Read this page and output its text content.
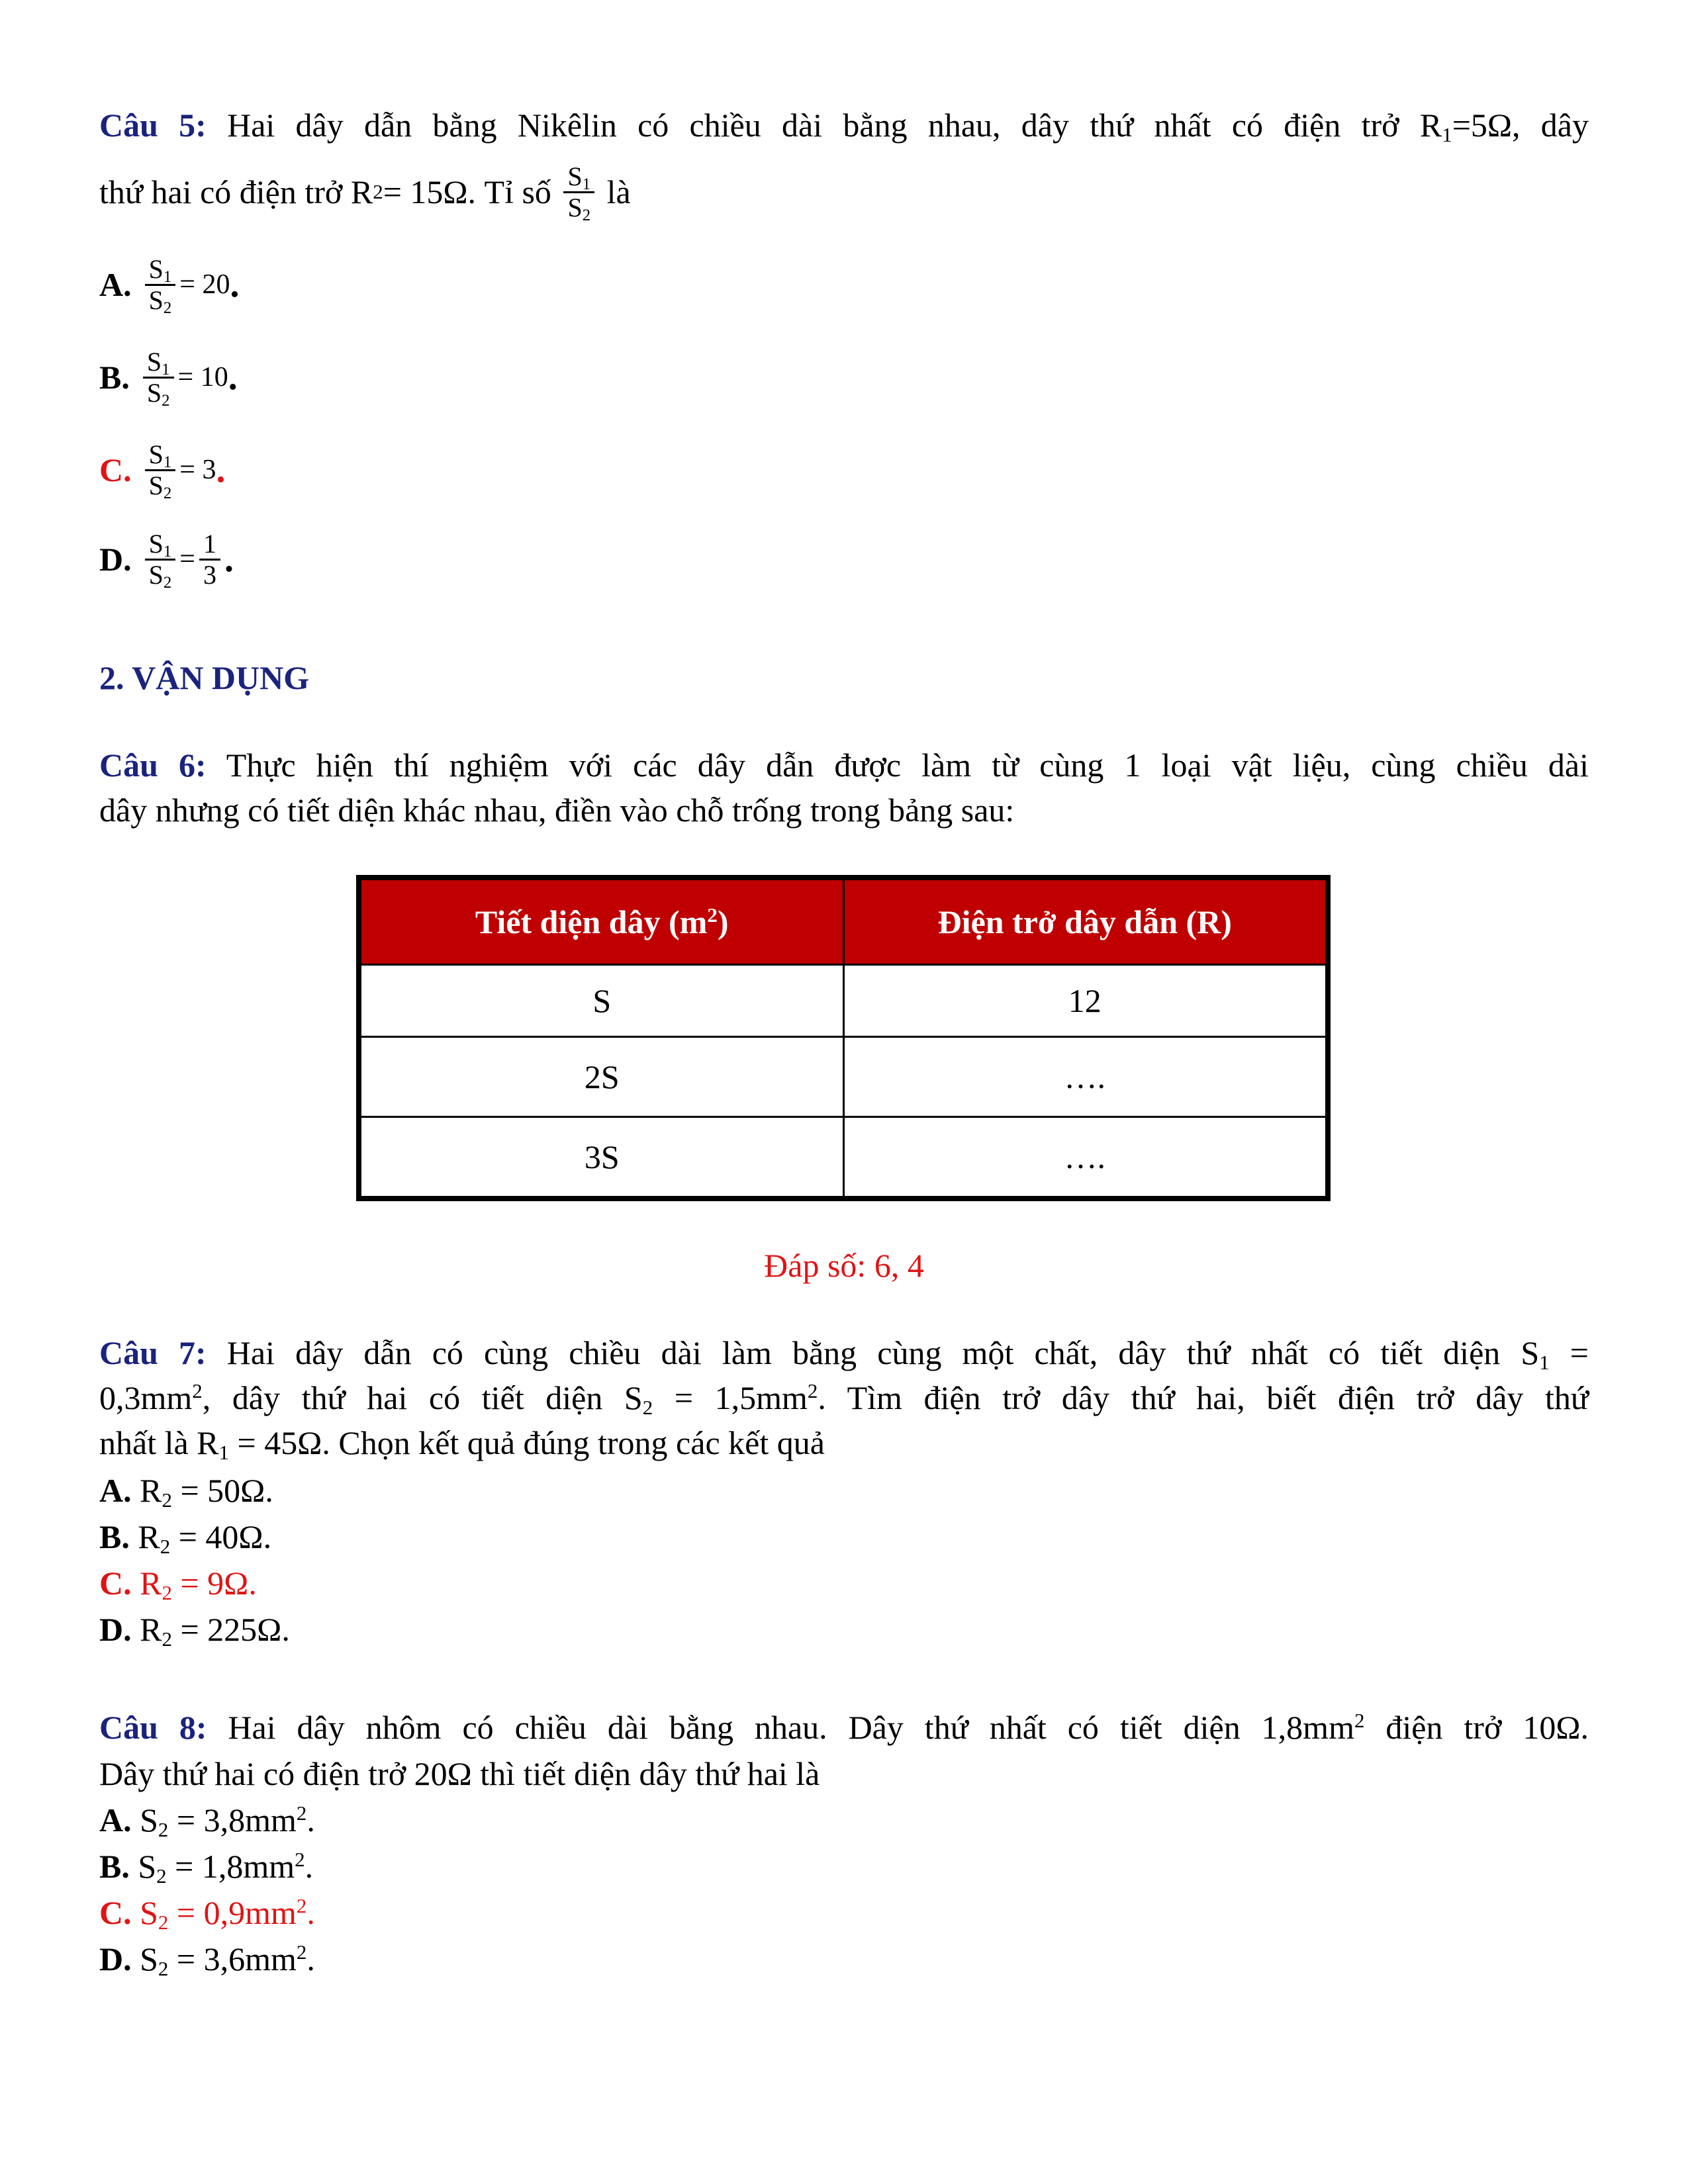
Câu 5: Hai dây dẫn bằng Nikêlin có chiều dài bằng nhau, dây thứ nhất có điện trở $R_1=5\Omega$, dây
thứ hai có điện trở R 2 = 15Ω. Tỉ số $\frac{S_1}{S_2}$ là
A. $\frac{S_1}{S_2} = 20$ .
B. $\frac{S_1}{S_2} = 10$ .
C. $\frac{S_1}{S_2} = 3$ .
D. $\frac{S_1}{S_2} = \frac{1}{3}$ .
2. VẬN DỤNG
Câu 6: Thực hiện thí nghiệm với các dây dẫn được làm từ cùng 1 loại vật liệu, cùng chiều dài
dây nhưng có tiết diện khác nhau, điền vào chỗ trống trong bảng sau:
Tiết diện dây $(m^2)$	Điện trở dây dẫn (R)
S	12
2S	….
3S	….
Đáp số: 6, 4
Câu 7: Hai dây dẫn có cùng chiều dài làm bằng cùng một chất, dây thứ nhất có tiết diện $S_1$ =
$0,3mm^2$, dây thứ hai có tiết diện $S_2 = 1,5mm^2$. Tìm điện trở dây thứ hai, biết điện trở dây thứ
nhất là $R_1 = 45\Omega$. Chọn kết quả đúng trong các kết quả
A. $R_2 = 50\Omega$.
B. $R_2 = 40\Omega$.
C. $R_2 = 9\Omega$.
D. $R_2 = 225\Omega$.
Câu 8: Hai dây nhôm có chiều dài bằng nhau. Dây thứ nhất có tiết diện $1,8mm^2$ điện trở 10Ω.
Dây thứ hai có điện trở 20Ω thì tiết diện dây thứ hai là
A. $S_2 = 3,8mm^2$.
B. $S_2 = 1,8mm^2$.
C. $S_2 = 0,9mm^2$.
D. $S_2 = 3,6mm^2$.
